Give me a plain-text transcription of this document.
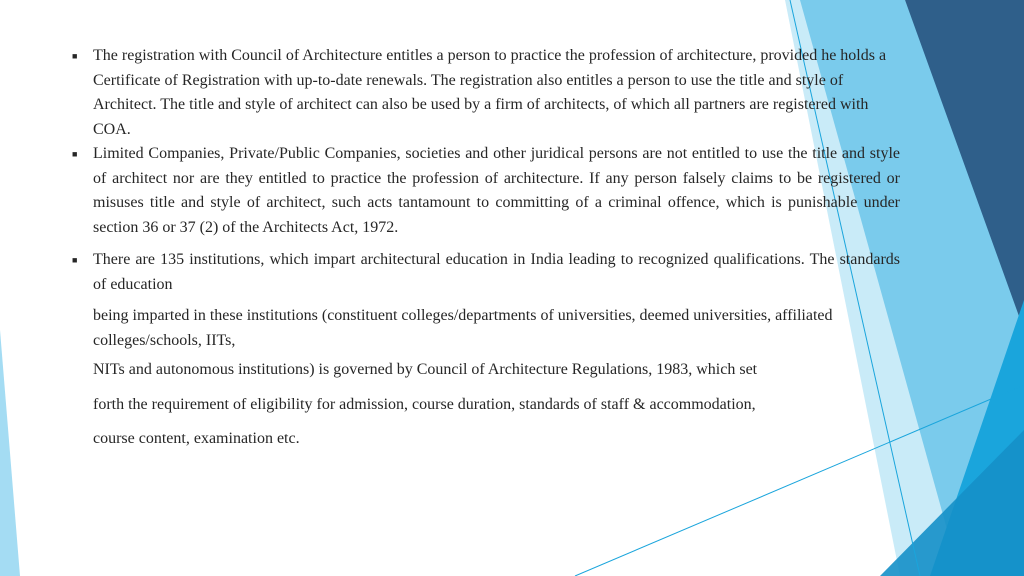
■ The registration with Council of Architecture entitles a person to practice the profession of architecture, provided he holds a Certificate of Registration with up-to-date renewals. The registration also entitles a person to use the title and style of Architect. The title and style of architect can also be used by a firm of architects, of which all partners are registered with COA.
■ Limited Companies, Private/Public Companies, societies and other juridical persons are not entitled to use the title and style of architect nor are they entitled to practice the profession of architecture. If any person falsely claims to be registered or misuses title and style of architect, such acts tantamount to committing of a criminal offence, which is punishable under section 36 or 37 (2) of the Architects Act, 1972.
■ There are 135 institutions, which impart architectural education in India leading to recognized qualifications. The standards of education
being imparted in these institutions (constituent colleges/departments of universities, deemed universities, affiliated colleges/schools, IITs,
NITs and autonomous institutions) is governed by Council of Architecture Regulations, 1983, which set
forth the requirement of eligibility for admission, course duration, standards of staff & accommodation,
course content, examination etc.
